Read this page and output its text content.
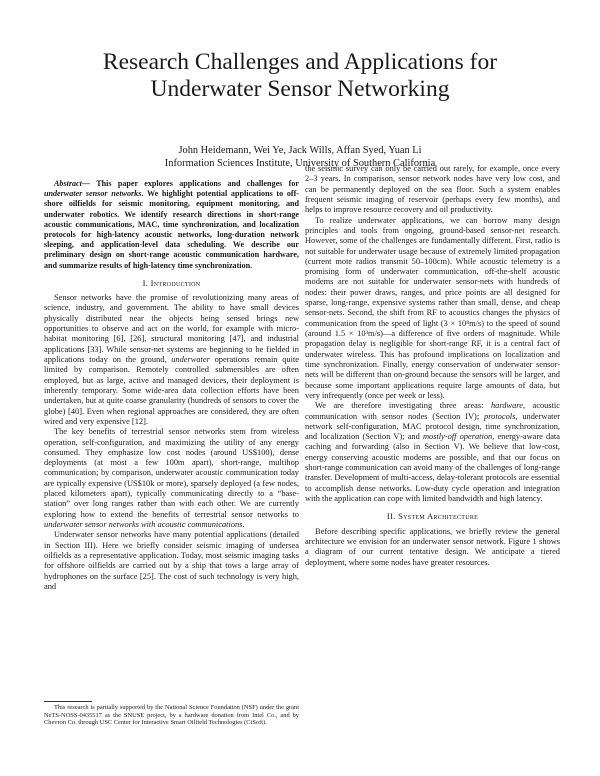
Research Challenges and Applications for
Underwater Sensor Networking
John Heidemann, Wei Ye, Jack Wills, Affan Syed, Yuan Li
Information Sciences Institute, University of Southern California

Abstract— This paper explores applications and challenges for underwater sensor networks. We highlight potential applications to off-shore oilfields for seismic monitoring, equipment monitoring, and underwater robotics. We identify research directions in short-range acoustic communications, MAC, time synchronization, and localization protocols for high-latency acoustic networks, long-duration network sleeping, and application-level data scheduling. We describe our preliminary design on short-range acoustic communication hardware, and summarize results of high-latency time synchronization.

I. Introduction

Sensor networks have the promise of revolutionizing many areas of science, industry, and government. The ability to have small devices physically distributed near the objects being sensed brings new opportunities to observe and act on the world, for example with micro-habitat monitoring [6], [26], structural monitoring [47], and industrial applications [33]. While sensor-net systems are beginning to be fielded in applications today on the ground, underwater operations remain quite limited by comparison. Remotely controlled submersibles are often employed, but as large, active and managed devices, their deployment is inherently temporary. Some wide-area data collection efforts have been undertaken, but at quite coarse granularity (hundreds of sensors to cover the globe) [40]. Even when regional approaches are considered, they are often wired and very expensive [12].

The key benefits of terrestrial sensor networks stem from wireless operation, self-configuration, and maximizing the utility of any energy consumed. They emphasize low cost nodes (around US$100), dense deployments (at most a few 100m apart), short-range, multihop communication; by comparison, underwater acoustic communication today are typically expensive (US$10k or more), sparsely deployed (a few nodes, placed kilometers apart), typically communicating directly to a “base-station” over long ranges rather than with each other. We are currently exploring how to extend the benefits of terrestrial sensor networks to underwater sensor networks with acoustic communications.

Underwater sensor networks have many potential applications (detailed in Section III). Here we briefly consider seismic imaging of undersea oilfields as a representative application. Today, most seismic imaging tasks for offshore oilfields are carried out by a ship that tows a large array of hydrophones on the surface [25]. The cost of such technology is very high, and

the seismic survey can only be carried out rarely, for example, once every 2–3 years. In comparison, sensor network nodes have very low cost, and can be permanently deployed on the sea floor. Such a system enables frequent seismic imaging of reservoir (perhaps every few months), and helps to improve resource recovery and oil productivity.

To realize underwater applications, we can borrow many design principles and tools from ongoing, ground-based sensor-net research. However, some of the challenges are fundamentally different. First, radio is not suitable for underwater usage because of extremely limited propagation (current mote radios transmit 50–100cm). While acoustic telemetry is a promising form of underwater communication, off-the-shelf acoustic modems are not suitable for underwater sensor-nets with hundreds of nodes: their power draws, ranges, and price points are all designed for sparse, long-range, expensive systems rather than small, dense, and cheap sensor-nets. Second, the shift from RF to acoustics changes the physics of communication from the speed of light (3 × 10⁸m/s) to the speed of sound (around 1.5 × 10³m/s)—a difference of five orders of magnitude. While propagation delay is negligible for short-range RF, it is a central fact of underwater wireless. This has profound implications on localization and time synchronization. Finally, energy conservation of underwater sensor-nets will be different than on-ground because the sensors will be larger, and because some important applications require large amounts of data, but very infrequently (once per week or less).

We are therefore investigating three areas: hardware, acoustic communication with sensor nodes (Section IV); protocols, underwater network self-configuration, MAC protocol design, time synchronization, and localization (Section V); and mostly-off operation, energy-aware data caching and forwarding (also in Section V). We believe that low-cost, energy conserving acoustic modems are possible, and that our focus on short-range communication can avoid many of the challenges of long-range transfer. Development of multi-access, delay-tolerant protocols are essential to accomplish dense networks. Low-duty cycle operation and integration with the application can cope with limited bandwidth and high latency.

II. System Architecture

Before describing specific applications, we briefly review the general architecture we envision for an underwater sensor network. Figure 1 shows a diagram of our current tentative design. We anticipate a tiered deployment, where some nodes have greater resources.

This research is partially supported by the National Science Foundation (NSF) under the grant NeTS-NOSS-0435517 as the SNUSE project, by a hardware donation from Intel Co., and by Chevron Co. through USC Center for Interactive Smart Oilfield Technologies (CiSoft).
